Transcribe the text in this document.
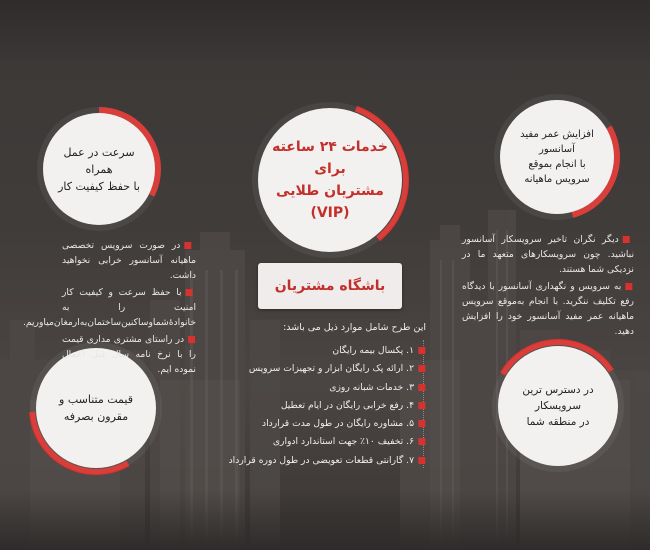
خدمات ۲۴ ساعته
برای
مشتریان طلایی (VIP)
سرعت در عمل همراه
با حفظ کیفیت کار
افزایش عمر مفید
آسانسور
با انجام بموقع
سرویس ماهیانه
قیمت متناسب و
مقرون بصرفه
در دسترس ترین
سرویسکار
در منطقه شما

■در صورت سرویس تخصصی ماهیانه آسانسور خرابی نخواهید داشت.

■با حفظ سرعت و کیفیت کار امنیت را به خانوادۀشماوساکنین‌ساختمان‌به‌ارمغان‌میاوریم.

■در راستای مشتری مداری قیمت را با نرخ نامه سال قبل اعمال نموده ایم.

■دیگر نگران تاخیر سرویسکار آسانسور نباشید. چون سرویسکارهای متعهد ما در نزدیکی شما هستند.

■به سرویس و نگهداری آسانسور با دیدگاه رفع تکلیف ننگرید. با انجام به‌موقع سرویس ماهیانه عمر مفید آسانسور خود را افزایش دهید.

باشگاه مشتریان
این طرح شامل موارد ذیل می باشد:
■
۱. پکسال بیمه رایگان
■
۲. ارائه پک رایگان ابزار و تجهیزات سرویس
■
۳. خدمات شبانه روزی
■
۴. رفع خرابی رایگان در ایام تعطیل
■
۵. مشاوره رایگان در طول مدت قرارداد
■
۶. تخفیف ۱۰٪ جهت استاندارد ادواری
■
۷. گارانتی قطعات تعویضی در طول دوره قرارداد
